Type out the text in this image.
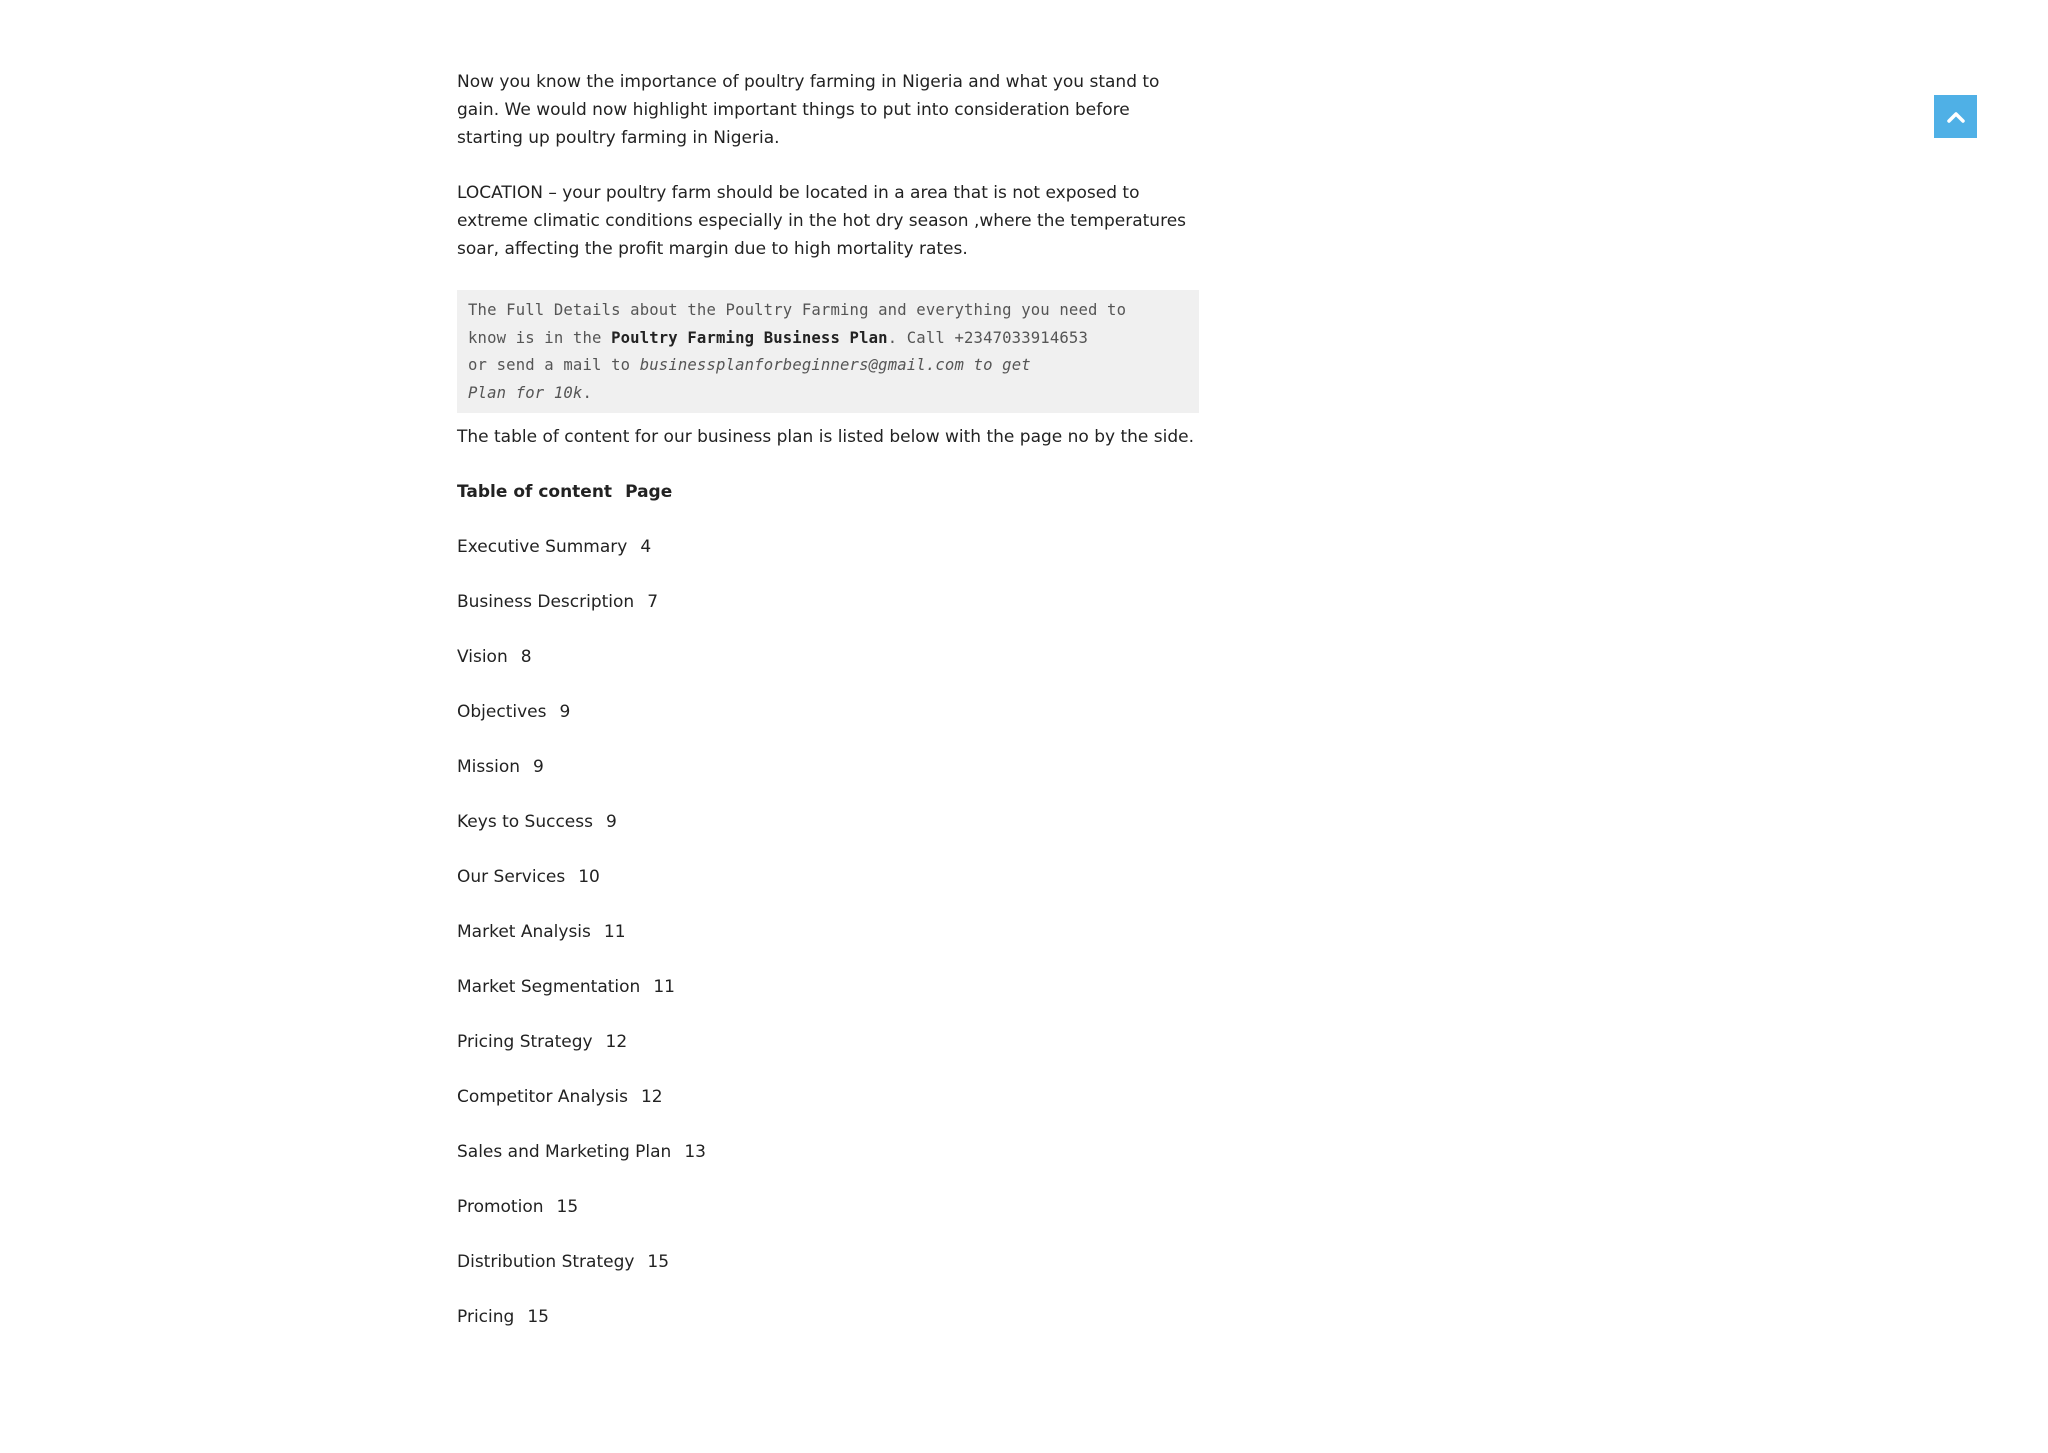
Now you know the importance of poultry farming in Nigeria and what you stand to gain. We would now highlight important things to put into consideration before starting up poultry farming in Nigeria.

LOCATION – your poultry farm should be located in a area that is not exposed to extreme climatic conditions especially in the hot dry season ,where the temperatures soar, affecting the profit margin due to high mortality rates.

The Full Details about the Poultry Farming and everything you need to
know is in the Poultry Farming Business Plan. Call +2347033914653
or send a mail to businessplanforbeginners@gmail.com to get
Plan for 10k.

The table of content for our business plan is listed below with the page no by the side.

Table of content Page
Executive Summary 4
Business Description 7
Vision 8
Objectives 9
Mission 9
Keys to Success 9
Our Services 10
Market Analysis 11
Market Segmentation 11
Pricing Strategy 12
Competitor Analysis 12
Sales and Marketing Plan 13
Promotion 15
Distribution Strategy 15
Pricing 15
